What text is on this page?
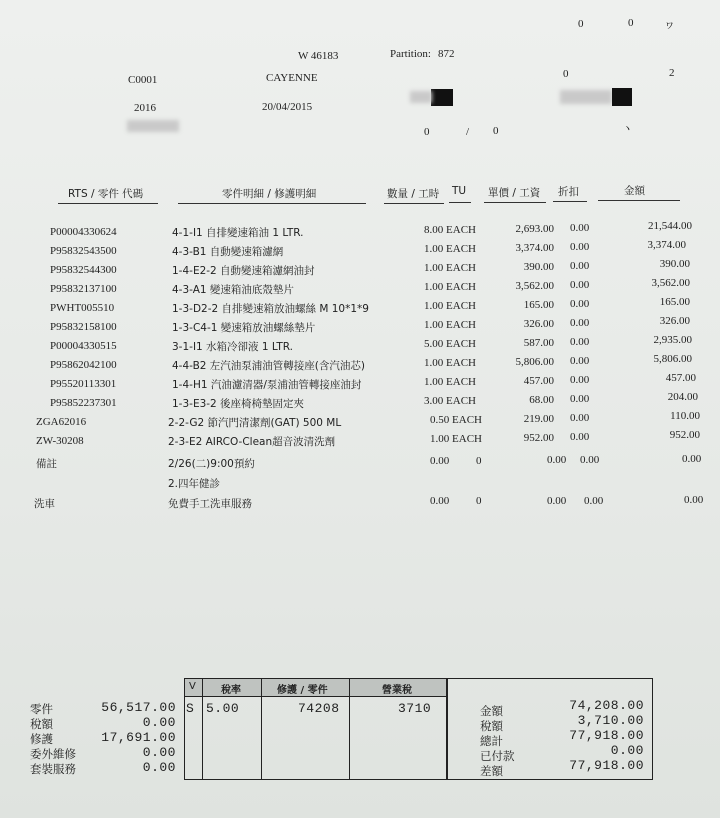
0	0	ヮ
W 46183	Partition: 872
C0001	CAYENNE	0	2
2016	20/04/2015
0	/ 0	ヽ
RTS / 零件 代碼	零件明細 / 修護明細	數量 / 工時 TU 單價 / 工資 折扣	金額
P00004330624	4-1-I1 自排變速箱油 1 LTR.	8.00 EACH	2,693.00 0.00	21,544.00
P95832543500	4-3-B1 自動變速箱濾網	1.00 EACH	3,374.00 0.00	3,374.00
P95832544300	1-4-E2-2 自動變速箱濾網油封	1.00 EACH	390.00 0.00	390.00
P95832137100	4-3-A1 變速箱油底殼墊片	1.00 EACH	3,562.00 0.00	3,562.00
PWHT005510	1-3-D2-2 自排變速箱放油螺絲 M 10*1*9	1.00 EACH	165.00 0.00	165.00
P95832158100	1-3-C4-1 變速箱放油螺絲墊片	1.00 EACH	326.00 0.00	326.00
P00004330515	3-1-I1 水箱冷卻液 1 LTR.	5.00 EACH	587.00 0.00	2,935.00
P95862042100	4-4-B2 左汽油泵浦油管轉接座(含汽油芯)	1.00 EACH	5,806.00 0.00	5,806.00
P95520113301	1-4-H1 汽油濾清器/泵浦油管轉接座油封	1.00 EACH	457.00 0.00	457.00
P95852237301	1-3-E3-2 後座椅椅墊固定夾	3.00 EACH	68.00 0.00	204.00
ZGA62016	2-2-G2 節汽門清潔劑(GAT) 500 ML	0.50 EACH	219.00 0.00	110.00
ZW-30208	2-3-E2 AIRCO-Clean超音波清洗劑	1.00 EACH	952.00 0.00	952.00
備註	2/26(二)9:00預約	0.00 0	0.00 0.00	0.00
2.四年健診
洗車	免費手工洗車服務	0.00 0	0.00 0.00	0.00
零件	56,517.00
稅額	0.00
修護	17,691.00
委外維修	0.00
套裝服務	0.00
V	稅率	修護 / 零件	營業稅
S 5.00	74208	3710	金額	74,208.00
稅額	3,710.00
總計	77,918.00
已付款	0.00
差額	77,918.00
